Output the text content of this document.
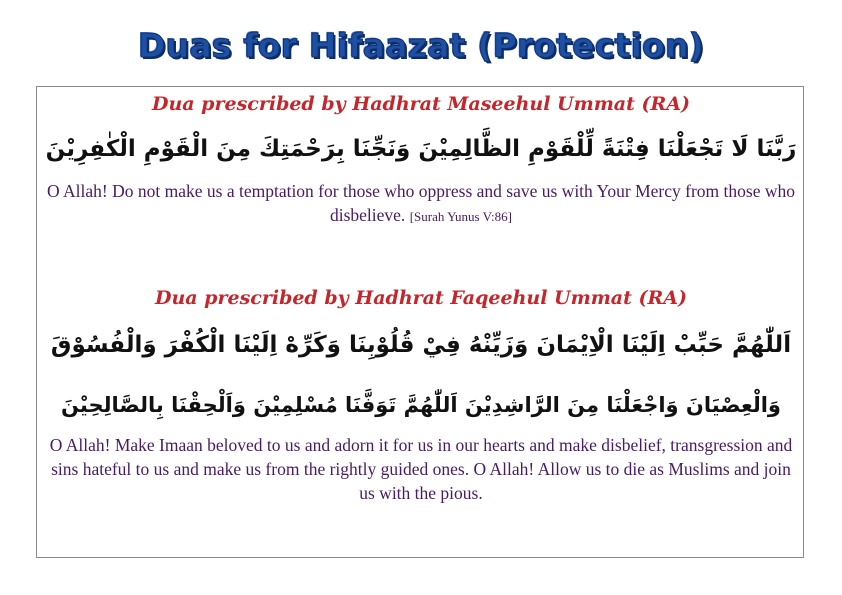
Duas for Hifaazat (Protection)
Dua prescribed by Hadhrat Maseehul Ummat (RA)
رَبَّنَا لَا تَجْعَلْنَا فِتْنَةً لِّلْقَوْمِ الظَّالِمِيْنَ وَنَجِّنَا بِرَحْمَتِكَ مِنَ الْقَوْمِ الْكٰفِرِيْنَ
O Allah! Do not make us a temptation for those who oppress and save us with Your Mercy from those who disbelieve. [Surah Yunus V:86]
Dua prescribed by Hadhrat Faqeehul Ummat (RA)
اَللّٰهُمَّ حَبِّبْ اِلَيْنَا الْاِيْمَانَ وَزَيِّنْهُ فِيْ قُلُوْبِنَا وَكَرِّهْ اِلَيْنَا الْكُفْرَ وَالْفُسُوْقَ
وَالْعِصْيَانَ وَاجْعَلْنَا مِنَ الرَّاشِدِيْنَ اَللّٰهُمَّ تَوَفَّنَا مُسْلِمِيْنَ وَاَلْحِقْنَا بِالصَّالِحِيْنَ
O Allah! Make Imaan beloved to us and adorn it for us in our hearts and make disbelief, transgression and sins hateful to us and make us from the rightly guided ones. O Allah! Allow us to die as Muslims and join us with the pious.
